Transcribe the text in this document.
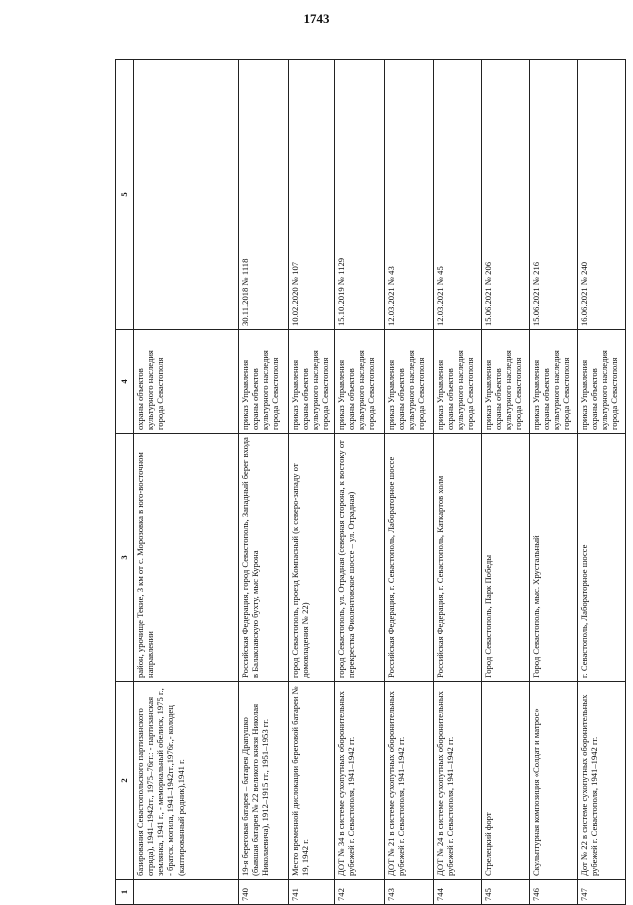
1743
1	2	3	4	5
	базирования Севастопольского партизанского отряда), 1941–1942гг., 1975–76гг.: - партизанская землянка, 1941 г., - мемориальный обелиск, 1975 г., - братск. могила, 1941–1942гг.,1976г.,- колодец (каптированный родник),1941 г.	район, урочище Текие, 3 км от с. Морозовка в юго-восточном направлении	охраны объектов культурного наследия города Севастополя	
740	19-я береговая батарея – батарея Драпушко (бывшая батарея № 22 великого князя Николая Николаевича), 1912–1915 гг., 1951–1953 гг.	Российская Федерация, город Севастополь, Западный берег входа в Балаклавскую бухту, мыс Курона	приказ Управления охраны объектов культурного наследия города Севастополя	30.11.2018 № 1118
741	Место временной дислокации береговой батареи № 19, 1942 г.	город Севастополь, проезд Компасный (к северо-западу от домовладения № 22)	приказ Управления охраны объектов культурного наследия города Севастополя	10.02.2020 № 107
742	ДОТ № 34 в системе сухопутных оборонительных рубежей г. Севастополя, 1941–1942 гг.	город Севастополь, ул. Отрадная (северная сторона, к востоку от перекрестка Фиолентовское шоссе – ул. Отрадная)	приказ Управления охраны объектов культурного наследия города Севастополя	15.10.2019 № 1129
743	ДОТ № 21 в системе сухопутных оборонительных рубежей г. Севастополя, 1941–1942 гг.	Российская Федерация, г. Севастополь, Лабораторное шоссе	приказ Управления охраны объектов культурного наследия города Севастополя	12.03.2021 № 43
744	ДОТ № 24 в системе сухопутных оборонительных рубежей г. Севастополя, 1941–1942 гг.	Российская Федерация, г. Севастополь, Каткартов холм	приказ Управления охраны объектов культурного наследия города Севастополя	12.03.2021 № 45
745	Стрелецкий форт	Город Севастополь, Парк Победы	приказ Управления охраны объектов культурного наследия города Севастополя	15.06.2021 № 206
746	Скульптурная композиция «Солдат и матрос»	Город Севастополь, мыс. Хрустальный	приказ Управления охраны объектов культурного наследия города Севастополя	15.06.2021 № 216
747	Дот № 22 в системе сухопутных оборонительных рубежей г. Севастополя, 1941–1942 гг.	г. Севастополь, Лабораторное шоссе	приказ Управления охраны объектов культурного наследия города Севастополя	16.06.2021 № 240
